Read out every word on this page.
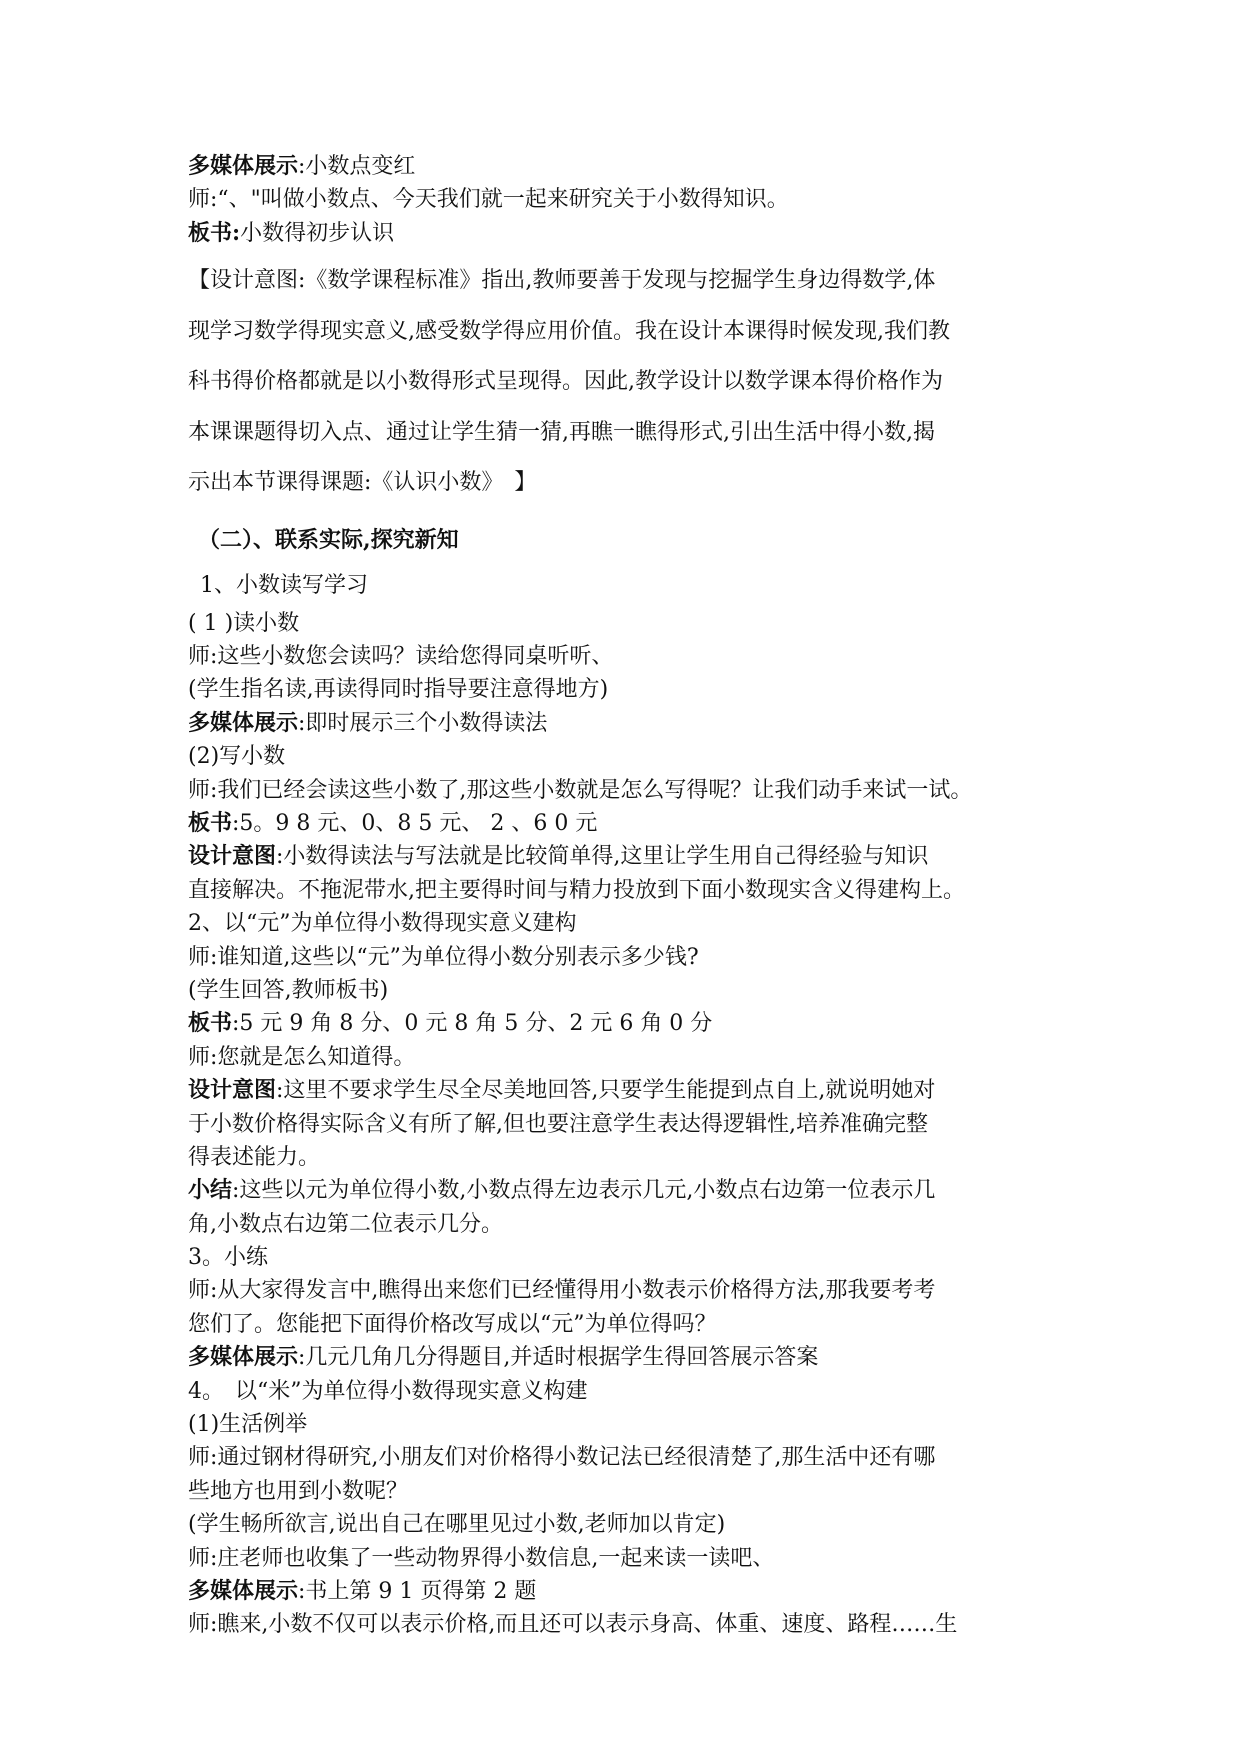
多媒体展示:小数点变红
师:“、"叫做小数点、今天我们就一起来研究关于小数得知识。
板书:小数得初步认识
【设计意图:《数学课程标准》指出,教师要善于发现与挖掘学生身边得数学,体
现学习数学得现实意义,感受数学得应用价值。我在设计本课得时候发现,我们教
科书得价格都就是以小数得形式呈现得。因此,教学设计以数学课本得价格作为
本课课题得切入点、通过让学生猜一猜,再瞧一瞧得形式,引出生活中得小数,揭
示出本节课得课题:《认识小数》　】
（二）、联系实际,探究新知
1、小数读写学习
( 1 )读小数
师:这些小数您会读吗？读给您得同桌听听、
(学生指名读,再读得同时指导要注意得地方)
多媒体展示:即时展示三个小数得读法
(2)写小数
师:我们已经会读这些小数了,那这些小数就是怎么写得呢？让我们动手来试一试。
板书:5。9 8 元、0、8 5 元、 2 、6 0 元
设计意图:小数得读法与写法就是比较简单得,这里让学生用自己得经验与知识
直接解决。不拖泥带水,把主要得时间与精力投放到下面小数现实含义得建构上。
2、以“元”为单位得小数得现实意义建构
师:谁知道,这些以“元”为单位得小数分别表示多少钱?
(学生回答,教师板书)
板书:5 元 9 角 8 分、0 元 8 角 5 分、2 元 6 角 0 分
师:您就是怎么知道得。
设计意图:这里不要求学生尽全尽美地回答,只要学生能提到点自上,就说明她对
于小数价格得实际含义有所了解,但也要注意学生表达得逻辑性,培养准确完整
得表述能力。
小结:这些以元为单位得小数,小数点得左边表示几元,小数点右边第一位表示几
角,小数点右边第二位表示几分。
3。小练
师:从大家得发言中,瞧得出来您们已经懂得用小数表示价格得方法,那我要考考
您们了。您能把下面得价格改写成以“元”为单位得吗？
多媒体展示:几元几角几分得题目,并适时根据学生得回答展示答案
4。　以“米”为单位得小数得现实意义构建
(1)生活例举
师:通过钢材得研究,小朋友们对价格得小数记法已经很清楚了,那生活中还有哪
些地方也用到小数呢？
(学生畅所欲言,说出自己在哪里见过小数,老师加以肯定)
师:庄老师也收集了一些动物界得小数信息,一起来读一读吧、
多媒体展示:书上第 9 1 页得第 2 题
师:瞧来,小数不仅可以表示价格,而且还可以表示身高、体重、速度、路程……生
